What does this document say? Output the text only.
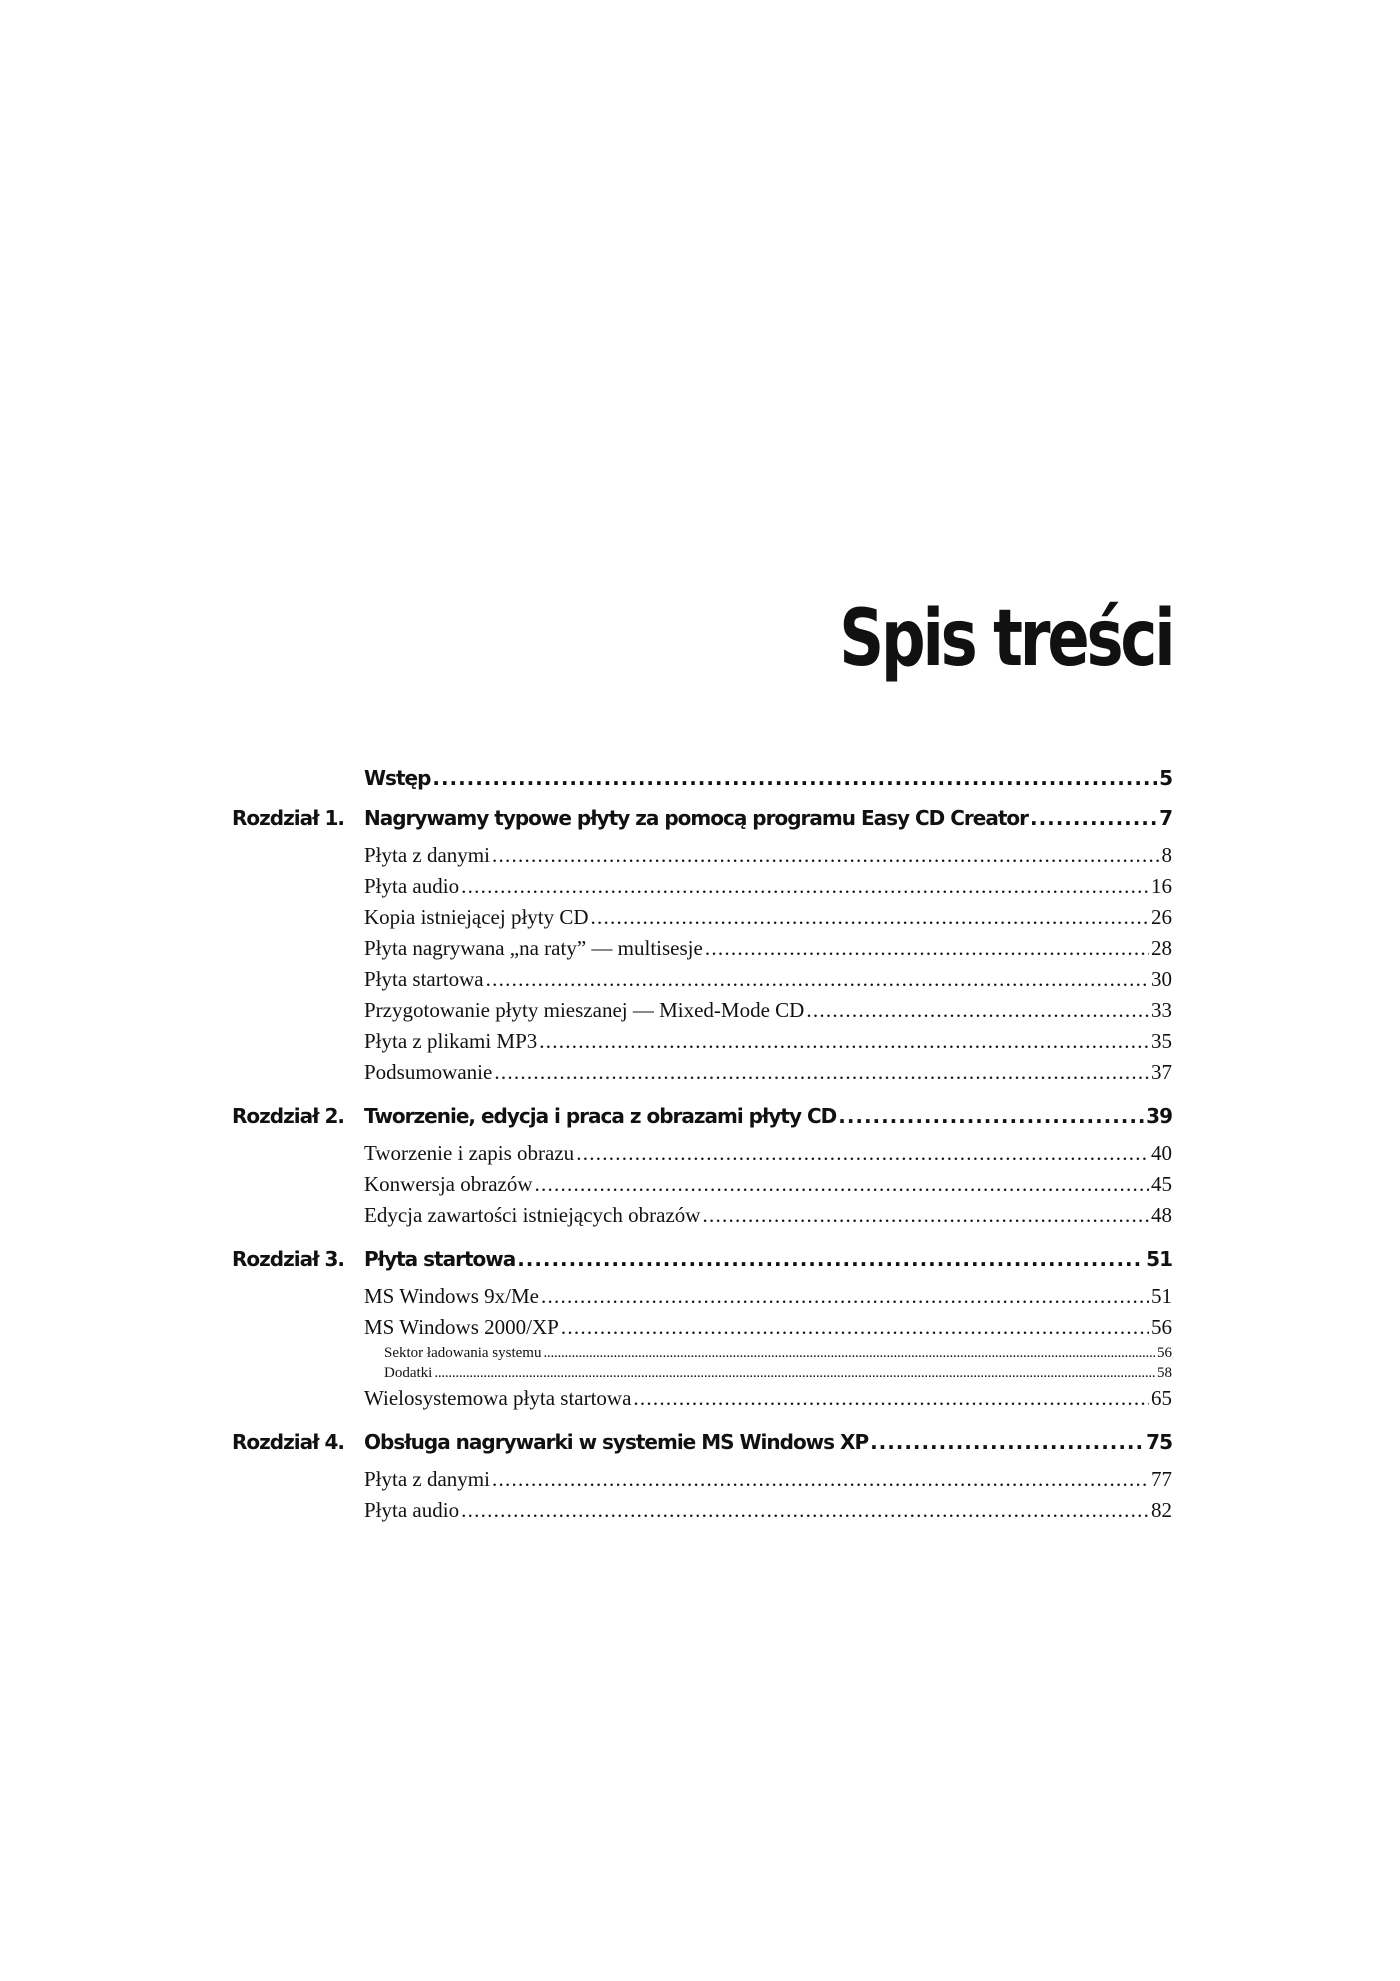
Spis treści
Wstęp . . .	5
Rozdział 1.	Nagrywamy typowe płyty za pomocą programu Easy CD Creator . . .	7
Płyta z danymi . . .	8
Płyta audio . . .	16
Kopia istniejącej płyty CD . . .	26
Płyta nagrywana „na raty” — multisesje . . .	28
Płyta startowa . . .	30
Przygotowanie płyty mieszanej — Mixed-Mode CD . . .	33
Płyta z plikami MP3 . . .	35
Podsumowanie . . .	37
Rozdział 2.	Tworzenie, edycja i praca z obrazami płyty CD . . .	39
Tworzenie i zapis obrazu . . .	40
Konwersja obrazów . . .	45
Edycja zawartości istniejących obrazów . . .	48
Rozdział 3.	Płyta startowa . . .	51
MS Windows 9x/Me . . .	51
MS Windows 2000/XP . . .	56
Sektor ładowania systemu . . .	56
Dodatki . . .	58
Wielosystemowa płyta startowa . . .	65
Rozdział 4.	Obsługa nagrywarki w systemie MS Windows XP . . .	75
Płyta z danymi . . .	77
Płyta audio . . .	82
